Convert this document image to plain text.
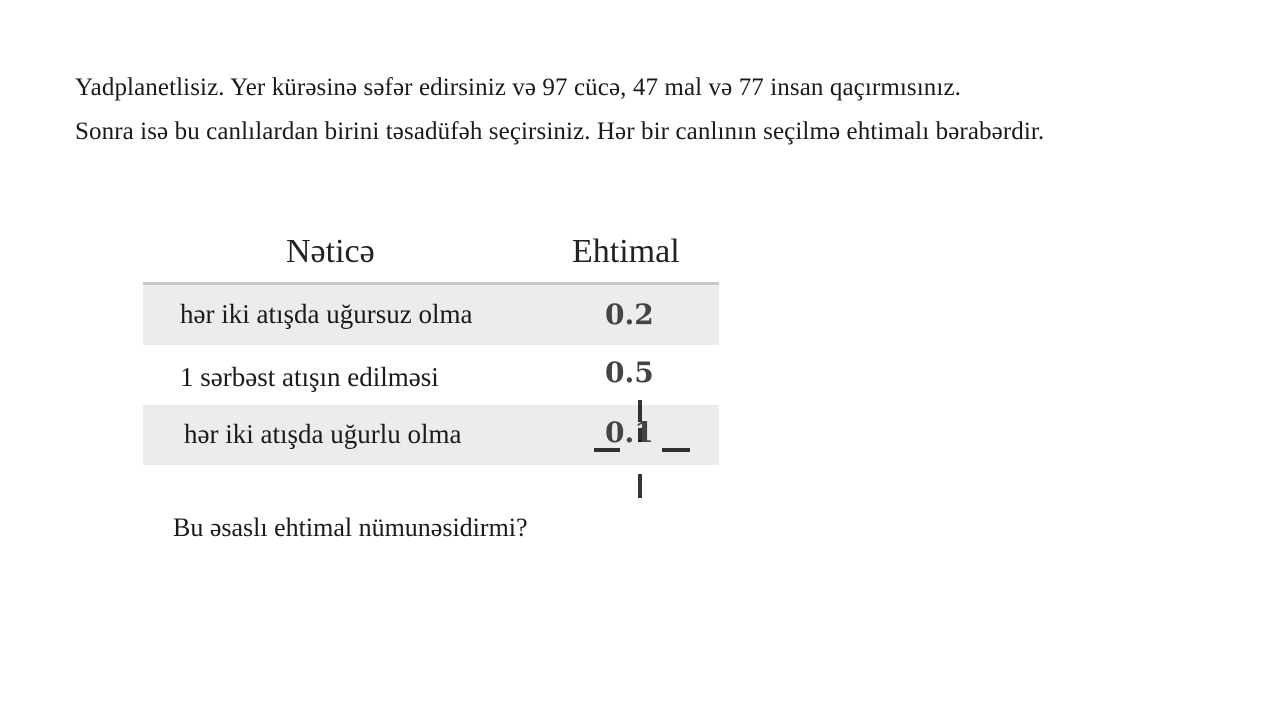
Yadplanetlisiz. Yer kürəsinə səfər edirsiniz və 97 cücə, 47 mal və 77 insan qaçırmısınız.

Sonra isə bu canlılardan birini təsadüfəh seçirsiniz. Hər bir canlının seçilmə ehtimalı bərabərdir.

Nəticə	Ehtimal
hər iki atışda uğursuz olma	0.2
1 sərbəst atışın edilməsi	0.5
hər iki atışda uğurlu olma	0.1
Bu əsaslı ehtimal nümunəsidirmi?
